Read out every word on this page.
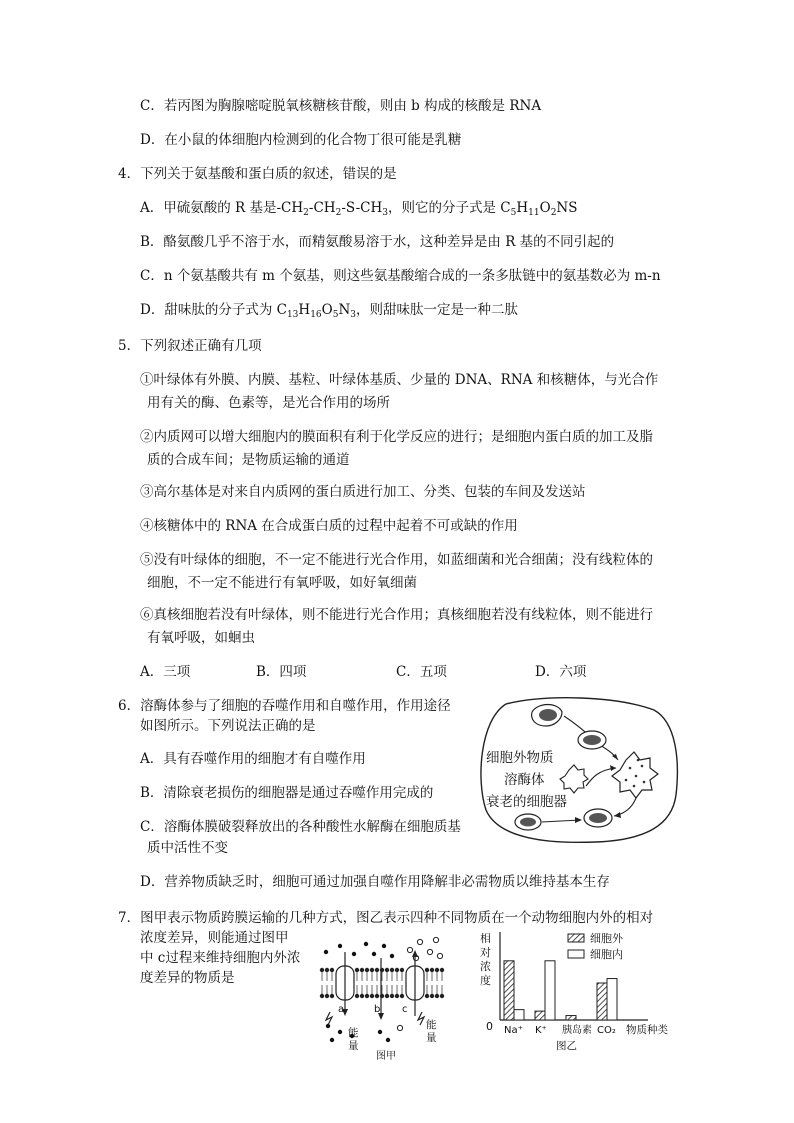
C．若丙图为胸腺嘧啶脱氧核糖核苷酸，则由 b 构成的核酸是 RNA
D．在小鼠的体细胞内检测到的化合物丁很可能是乳糖
4．下列关于氨基酸和蛋白质的叙述，错误的是
A．甲硫氨酸的 R 基是$-CH_2-CH_2-S-CH_3$，则它的分子式是 $C_5H_{11}O_2NS$
B．酪氨酸几乎不溶于水，而精氨酸易溶于水，这种差异是由 R 基的不同引起的
C．n 个氨基酸共有 m 个氨基，则这些氨基酸缩合成的一条多肽链中的氨基数必为 m-n
D．甜味肽的分子式为 $C_{13}H_{16}O_5N_3$，则甜味肽一定是一种二肽
5．下列叙述正确有几项
①叶绿体有外膜、内膜、基粒、叶绿体基质、少量的 DNA、RNA 和核糖体，与光合作
用有关的酶、色素等，是光合作用的场所
②内质网可以增大细胞内的膜面积有利于化学反应的进行；是细胞内蛋白质的加工及脂
质的合成车间；是物质运输的通道
③高尔基体是对来自内质网的蛋白质进行加工、分类、包装的车间及发送站
④核糖体中的 RNA 在合成蛋白质的过程中起着不可或缺的作用
⑤没有叶绿体的细胞，不一定不能进行光合作用，如蓝细菌和光合细菌；没有线粒体的
细胞，不一定不能进行有氧呼吸，如好氧细菌
⑥真核细胞若没有叶绿体，则不能进行光合作用；真核细胞若没有线粒体，则不能进行
有氧呼吸，如蛔虫
A．三项	B．四项	C．五项	D．六项
6．溶酶体参与了细胞的吞噬作用和自噬作用，作用途径
如图所示。下列说法正确的是
A．具有吞噬作用的细胞才有自噬作用
B．清除衰老损伤的细胞器是通过吞噬作用完成的
C．溶酶体膜破裂释放出的各种酸性水解酶在细胞质基
质中活性不变
D．营养物质缺乏时，细胞可通过加强自噬作用降解非必需物质以维持基本生存
细胞外物质
溶酶体
衰老的细胞器
7．图甲表示物质跨膜运输的几种方式，图乙表示四种不同物质在一个动物细胞内外的相对
浓度差异，则能通过图甲
中 c过程来维持细胞内外浓
度差异的物质是
a	b c
能
量
能
量
图甲
相
对
浓
度
0 Na⁺ K⁺ 胰岛素 CO₂
细胞外
细胞内
物质种类
图乙
